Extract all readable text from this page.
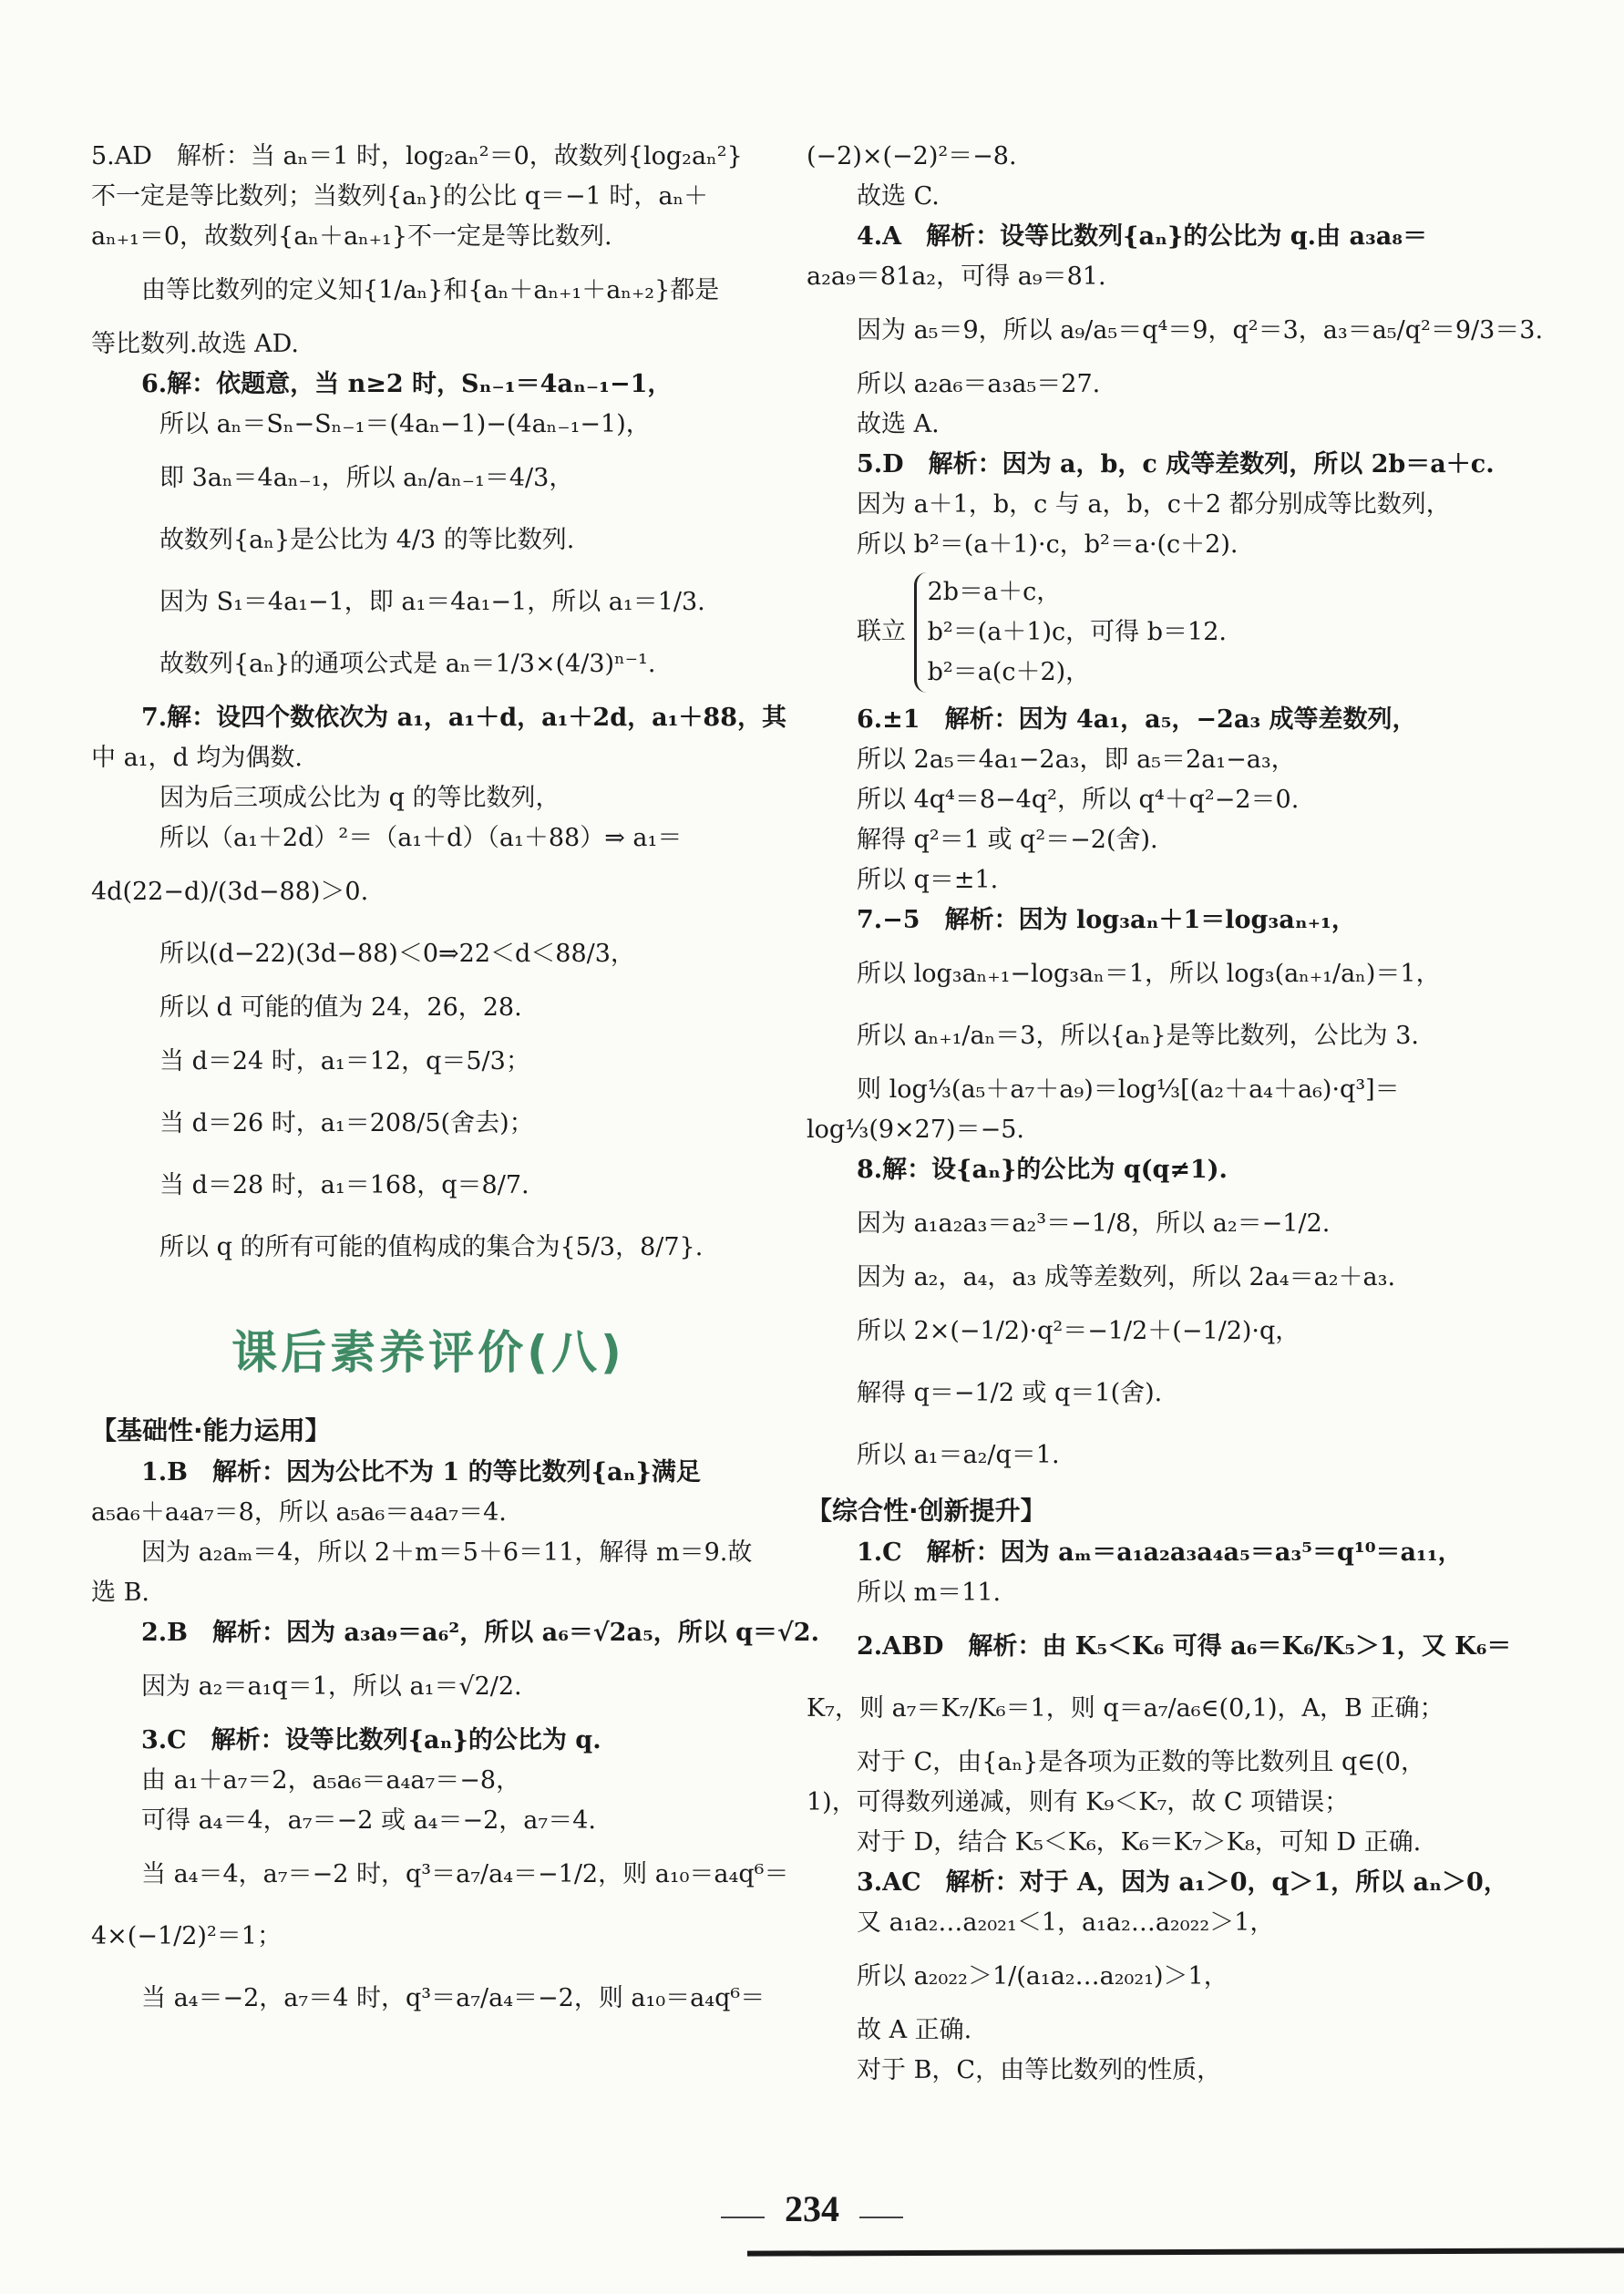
5.AD　解析：当 aₙ＝1 时，log₂aₙ²＝0，故数列{log₂aₙ²}
不一定是等比数列；当数列{aₙ}的公比 q＝−1 时，aₙ＋
aₙ₊₁＝0，故数列{aₙ＋aₙ₊₁}不一定是等比数列.
由等比数列的定义知{1/aₙ}和{aₙ＋aₙ₊₁＋aₙ₊₂}都是
等比数列.故选 AD.
6.解：依题意，当 n≥2 时，Sₙ₋₁＝4aₙ₋₁−1，
所以 aₙ＝Sₙ−Sₙ₋₁＝(4aₙ−1)−(4aₙ₋₁−1)，
即 3aₙ＝4aₙ₋₁，所以 aₙ/aₙ₋₁＝4/3，
故数列{aₙ}是公比为 4/3 的等比数列.
因为 S₁＝4a₁−1，即 a₁＝4a₁−1，所以 a₁＝1/3.
故数列{aₙ}的通项公式是 aₙ＝1/3×(4/3)ⁿ⁻¹.
7.解：设四个数依次为 a₁，a₁＋d，a₁＋2d，a₁＋88，其
中 a₁，d 均为偶数.
因为后三项成公比为 q 的等比数列，
所以（a₁＋2d）²＝（a₁＋d）（a₁＋88）⇒ a₁＝
4d(22−d)/(3d−88)＞0.
所以(d−22)(3d−88)＜0⇒22＜d＜88/3，
所以 d 可能的值为 24，26，28.
当 d＝24 时，a₁＝12，q＝5/3；
当 d＝26 时，a₁＝208/5(舍去)；
当 d＝28 时，a₁＝168，q＝8/7.
所以 q 的所有可能的值构成的集合为{5/3，8/7}.
课后素养评价(八)
【基础性·能力运用】
1.B　解析：因为公比不为 1 的等比数列{aₙ}满足
a₅a₆＋a₄a₇＝8，所以 a₅a₆＝a₄a₇＝4.
因为 a₂aₘ＝4，所以 2＋m＝5＋6＝11，解得 m＝9.故
选 B.
2.B　解析：因为 a₃a₉＝a₆²，所以 a₆＝√2a₅，所以 q＝√2.
因为 a₂＝a₁q＝1，所以 a₁＝√2/2.
3.C　解析：设等比数列{aₙ}的公比为 q.
由 a₁＋a₇＝2，a₅a₆＝a₄a₇＝−8，
可得 a₄＝4，a₇＝−2 或 a₄＝−2，a₇＝4.
当 a₄＝4，a₇＝−2 时，q³＝a₇/a₄＝−1/2，则 a₁₀＝a₄q⁶＝
4×(−1/2)²＝1；
当 a₄＝−2，a₇＝4 时，q³＝a₇/a₄＝−2，则 a₁₀＝a₄q⁶＝
(−2)×(−2)²＝−8.
故选 C.
4.A　解析：设等比数列{aₙ}的公比为 q.由 a₃a₈＝
a₂a₉＝81a₂，可得 a₉＝81.
因为 a₅＝9，所以 a₉/a₅＝q⁴＝9，q²＝3，a₃＝a₅/q²＝9/3＝3.
所以 a₂a₆＝a₃a₅＝27.
故选 A.
5.D　解析：因为 a，b，c 成等差数列，所以 2b＝a＋c.
因为 a＋1，b，c 与 a，b，c＋2 都分别成等比数列，
所以 b²＝(a＋1)·c，b²＝a·(c＋2).
联立
2b＝a＋c，
b²＝(a＋1)c，可得 b＝12.
b²＝a(c＋2)，
6.±1　解析：因为 4a₁，a₅，−2a₃ 成等差数列，
所以 2a₅＝4a₁−2a₃，即 a₅＝2a₁−a₃，
所以 4q⁴＝8−4q²，所以 q⁴＋q²−2＝0.
解得 q²＝1 或 q²＝−2(舍).
所以 q＝±1.
7.−5　解析：因为 log₃aₙ＋1＝log₃aₙ₊₁，
所以 log₃aₙ₊₁−log₃aₙ＝1，所以 log₃(aₙ₊₁/aₙ)＝1，
所以 aₙ₊₁/aₙ＝3，所以{aₙ}是等比数列，公比为 3.
则 log⅓(a₅＋a₇＋a₉)＝log⅓[(a₂＋a₄＋a₆)·q³]＝
log⅓(9×27)＝−5.
8.解：设{aₙ}的公比为 q(q≠1).
因为 a₁a₂a₃＝a₂³＝−1/8，所以 a₂＝−1/2.
因为 a₂，a₄，a₃ 成等差数列，所以 2a₄＝a₂＋a₃.
所以 2×(−1/2)·q²＝−1/2＋(−1/2)·q，
解得 q＝−1/2 或 q＝1(舍).
所以 a₁＝a₂/q＝1.
【综合性·创新提升】
1.C　解析：因为 aₘ＝a₁a₂a₃a₄a₅＝a₃⁵＝q¹⁰＝a₁₁，
所以 m＝11.
2.ABD　解析：由 K₅＜K₆ 可得 a₆＝K₆/K₅＞1，又 K₆＝
K₇，则 a₇＝K₇/K₆＝1，则 q＝a₇/a₆∈(0,1)，A，B 正确；
对于 C，由{aₙ}是各项为正数的等比数列且 q∈(0，
1)，可得数列递减，则有 K₉＜K₇，故 C 项错误；
对于 D，结合 K₅＜K₆，K₆＝K₇＞K₈，可知 D 正确.
3.AC　解析：对于 A，因为 a₁＞0，q＞1，所以 aₙ＞0，
又 a₁a₂…a₂₀₂₁＜1，a₁a₂…a₂₀₂₂＞1，
所以 a₂₀₂₂＞1/(a₁a₂…a₂₀₂₁)＞1，
故 A 正确.
对于 B，C，由等比数列的性质，
234
